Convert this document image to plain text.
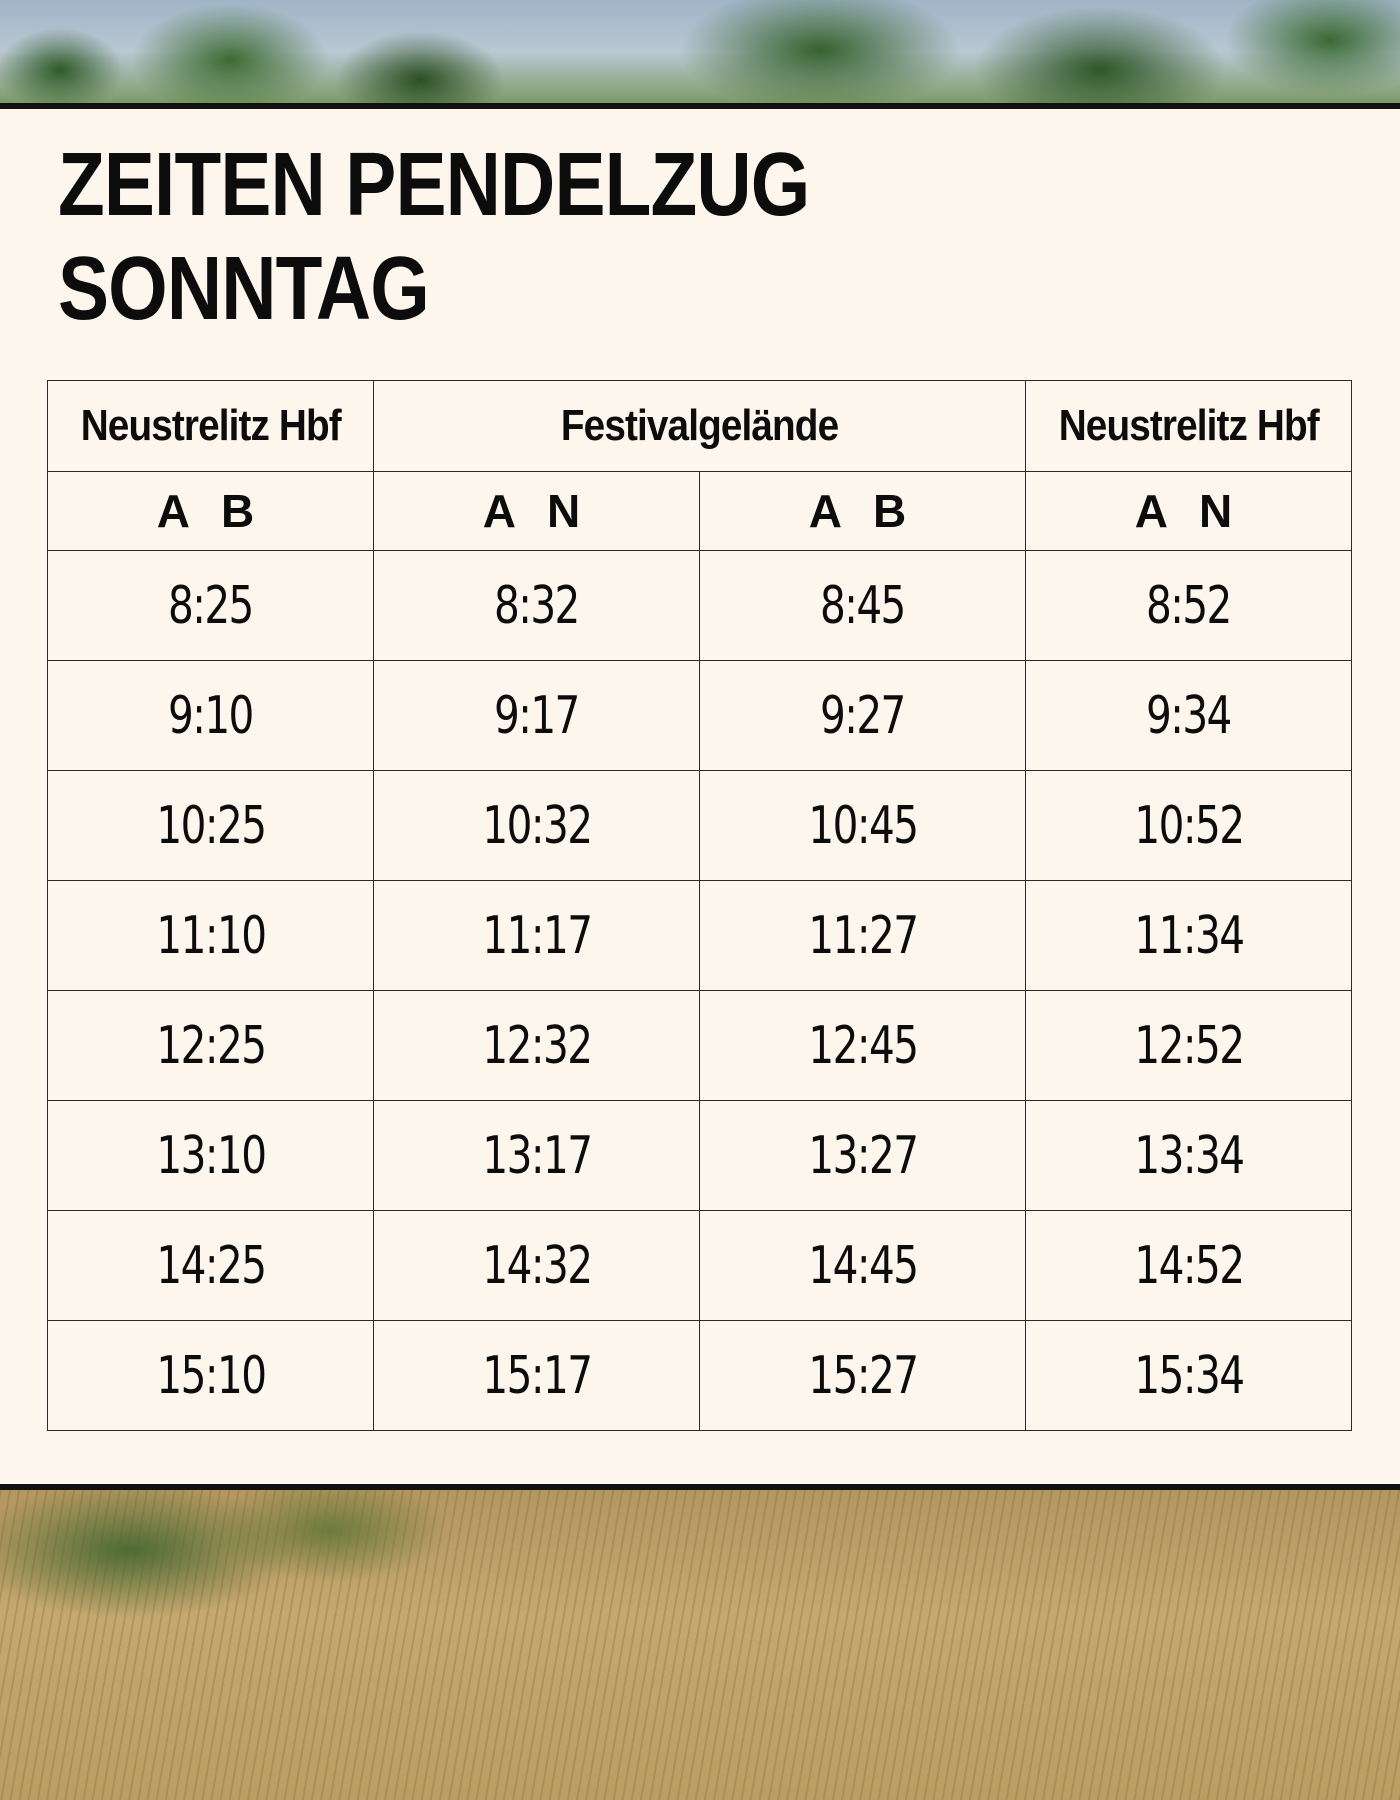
ZEITEN PENDELZUG
SONNTAG
Neustrelitz Hbf	Festivalgelände		Neustrelitz Hbf
A B	A N	A B	A N
8:25	8:32	8:45	8:52
9:10	9:17	9:27	9:34
10:25	10:32	10:45	10:52
11:10	11:17	11:27	11:34
12:25	12:32	12:45	12:52
13:10	13:17	13:27	13:34
14:25	14:32	14:45	14:52
15:10	15:17	15:27	15:34
